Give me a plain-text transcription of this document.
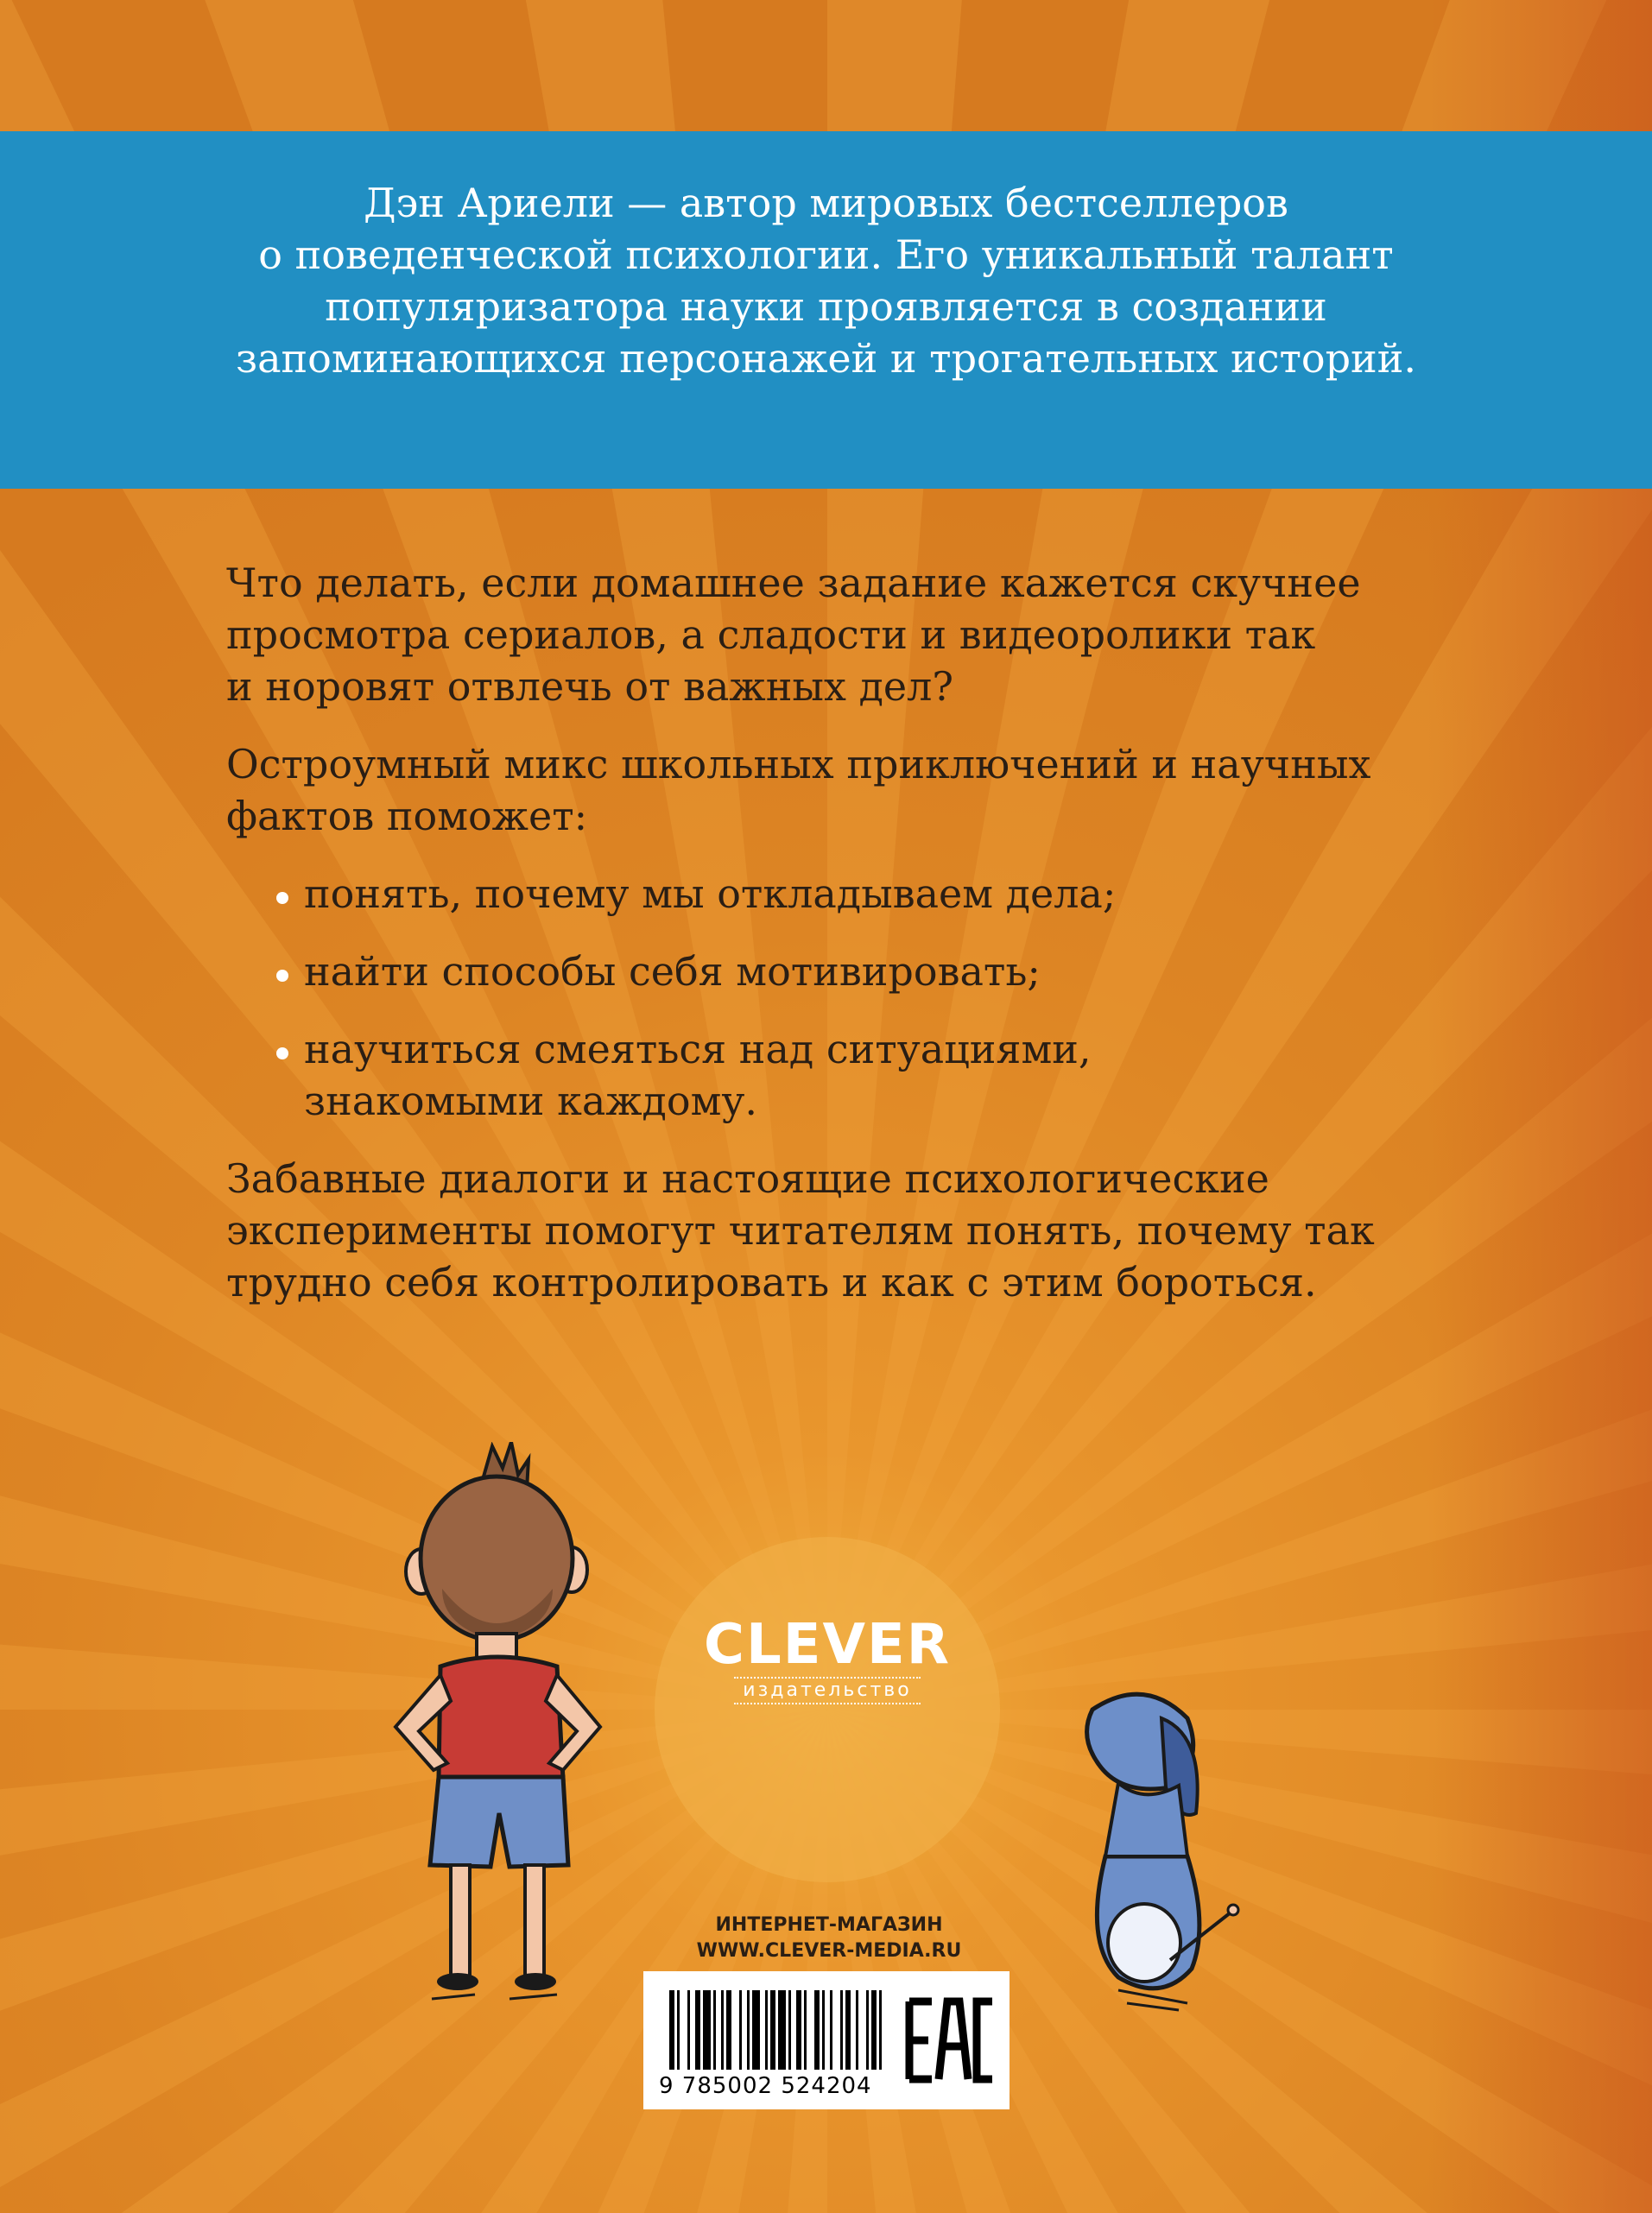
Дэн Ариели — автор мировых бестселлеров
о поведенческой психологии. Его уникальный талант
популяризатора науки проявляется в создании
запоминающихся персонажей и трогательных историй.
Что делать, если домашнее задание кажется скучнее
просмотра сериалов, а сладости и видеоролики так
и норовят отвлечь от важных дел?
Остроумный микс школьных приключений и научных
фактов поможет:
понять, почему мы откладываем дела;
найти способы себя мотивировать;
научиться смеяться над ситуациями,
знакомыми каждому.
Забавные диалоги и настоящие психологические
эксперименты помогут читателям понять, почему так
трудно себя контролировать и как с этим бороться.
CLEVER
издательство
ИНТЕРНЕТ-МАГАЗИН
WWW.CLEVER-MEDIA.RU
9 785002 524204
